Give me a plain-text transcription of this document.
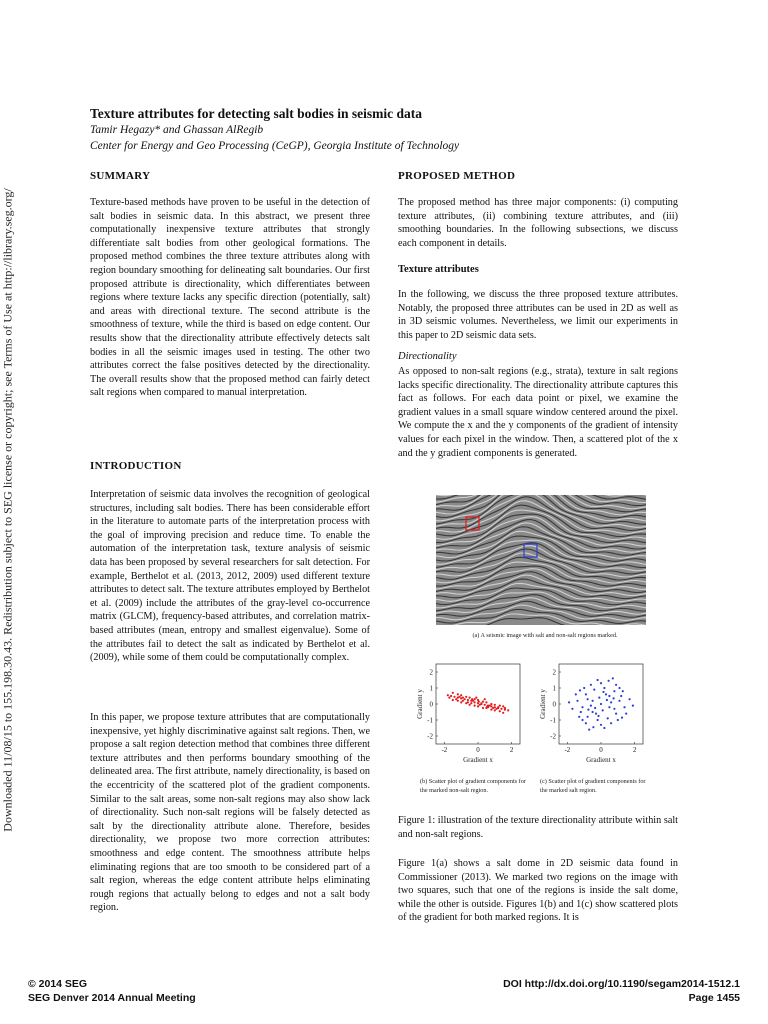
Downloaded 11/08/15 to 155.198.30.43. Redistribution subject to SEG license or copyright; see Terms of Use at http://library.seg.org/
Texture attributes for detecting salt bodies in seismic data
Tamir Hegazy* and Ghassan AlRegib
Center for Energy and Geo Processing (CeGP), Georgia Institute of Technology
SUMMARY
Texture-based methods have proven to be useful in the detection of salt bodies in seismic data. In this abstract, we present three computationally inexpensive texture attributes that strongly differentiate salt bodies from other geological formations. The proposed method combines the three texture attributes along with region boundary smoothing for delineating salt boundaries. Our first proposed attribute is directionality, which differentiates between regions where texture lacks any specific direction (potentially, salt) and areas with directional texture. The second attribute is the smoothness of texture, while the third is based on edge content. Our results show that the directionality attribute effectively detects salt bodies in all the seismic images used in testing. The other two attributes correct the false positives detected by the directionality. The overall results show that the proposed method can fairly detect salt regions when compared to manual interpretation.
INTRODUCTION
Interpretation of seismic data involves the recognition of geological structures, including salt bodies. There has been considerable effort in the literature to automate parts of the interpretation process with the goal of improving precision and reduce time. To enable the automation of the interpretation task, texture analysis of seismic data has been proposed by several researchers for salt detection. For example, Berthelot et al. (2013, 2012, 2009) used different texture attributes to detect salt. The texture attributes employed by Berthelot et al. (2009) include the attributes of the gray-level co-occurrence matrix (GLCM), frequency-based attributes, and correlation matrix-based attributes (mean, entropy and smallest eigenvalue). Some of the attributes fail to detect the salt as indicated by Berthelot et al. (2009), while some of them could be computationally complex.
In this paper, we propose texture attributes that are computationally inexpensive, yet highly discriminative against salt regions. Then, we propose a salt region detection method that combines three different texture attributes and then performs boundary smoothing of the delineated area. The first attribute, namely directionality, is based on the eccentricity of the scattered plot of the gradient components. Similar to the salt areas, some non-salt regions may also show lack of directionality. Such non-salt regions will be falsely detected as salt by the directionality attribute alone. Therefore, besides directionality, we propose two more correction attributes: smoothness and edge content. The smoothness attribute helps eliminating regions that are too smooth to be considered part of a salt region, whereas the edge content attribute helps eliminating rough regions that actually belong to edges and not a salt body region.
PROPOSED METHOD
The proposed method has three major components: (i) computing texture attributes, (ii) combining texture attributes, and (iii) smoothing boundaries. In the following subsections, we discuss each component in details.
Texture attributes
In the following, we discuss the three proposed texture attributes. Notably, the proposed three attributes can be used in 2D as well as in 3D seismic volumes. Nevertheless, we limit our experiments in this paper to 2D seismic data sets.
Directionality
As opposed to non-salt regions (e.g., strata), texture in salt regions lacks specific directionality. The directionality attribute captures this fact as follows. For each data point or pixel, we examine the gradient values in a small square window centered around the pixel. We compute the x and the y components of the gradient of intensity values for each pixel in the window. Then, a scattered plot of the x and the y gradient components is generated.
(a) A seismic image with salt and non-salt regions marked.
-2	0	2
2
1
0
-1
-2
Gradient x
Gradient y
-2	0	2
2
1
0
-1
-2
Gradient x
Gradient y
(b) Scatter plot of gradient components for the marked non-salt region.
(c) Scatter plot of gradient components for the marked salt region.
Figure 1: illustration of the texture directionality attribute within salt and non-salt regions.
Figure 1(a) shows a salt dome in 2D seismic data found in Commissioner (2013). We marked two regions on the image with two squares, such that one of the regions is inside the salt dome, while the other is outside. Figures 1(b) and 1(c) show scattered plots of the gradient for both marked regions. It is
© 2014 SEG
SEG Denver 2014 Annual Meeting
DOI http://dx.doi.org/10.1190/segam2014-1512.1
Page 1455
